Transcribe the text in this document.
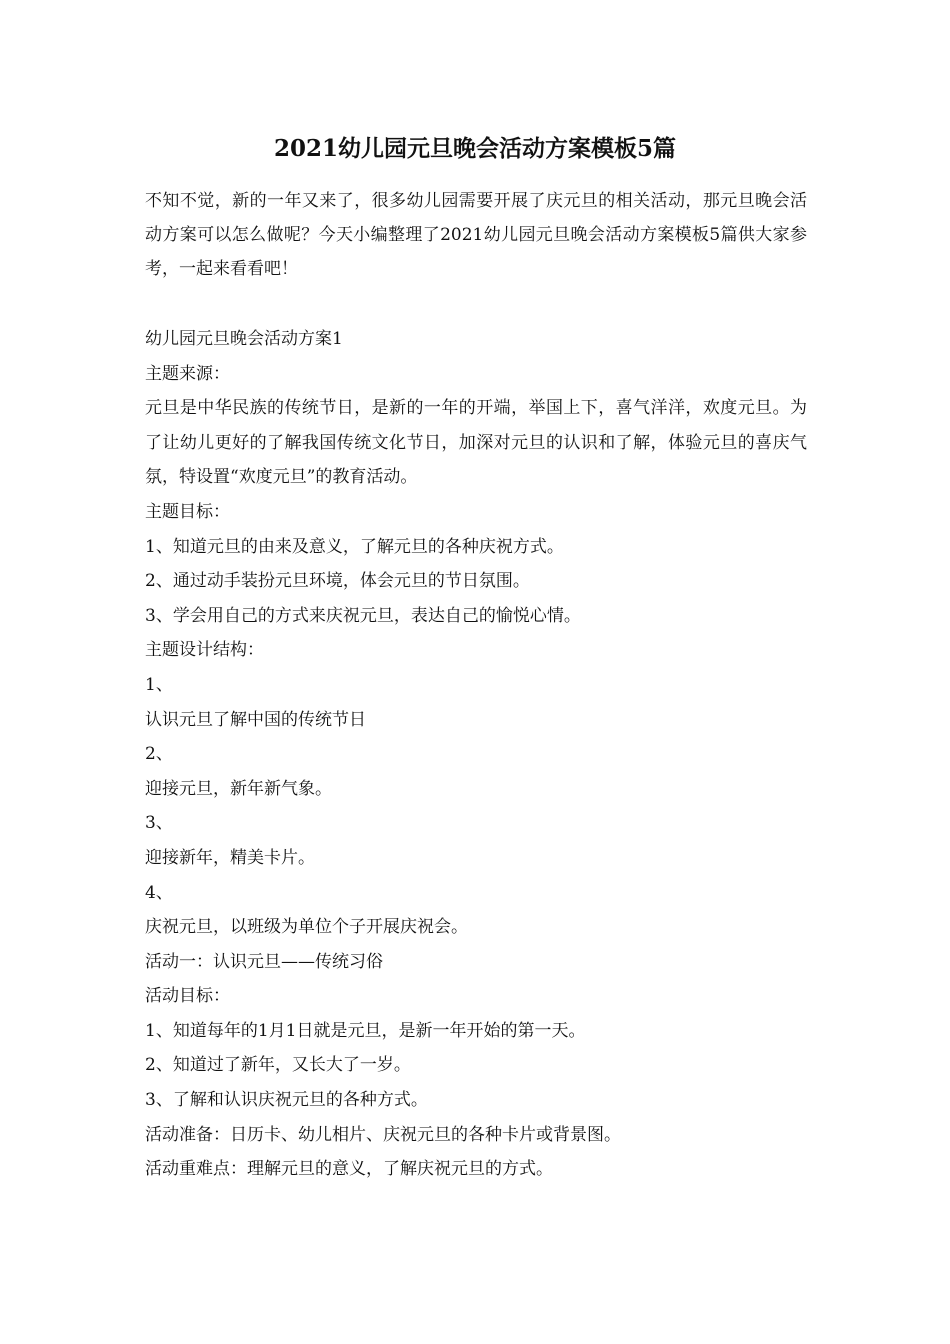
2021幼儿园元旦晚会活动方案模板5篇

不知不觉，新的一年又来了，很多幼儿园需要开展了庆元旦的相关活动，那元旦晚会活动方案可以怎么做呢？今天小编整理了2021幼儿园元旦晚会活动方案模板5篇供大家参考，一起来看看吧！

幼儿园元旦晚会活动方案1

主题来源：

元旦是中华民族的传统节日，是新的一年的开端，举国上下，喜气洋洋，欢度元旦。为了让幼儿更好的了解我国传统文化节日，加深对元旦的认识和了解，体验元旦的喜庆气氛，特设置“欢度元旦”的教育活动。

主题目标：

1、知道元旦的由来及意义，了解元旦的各种庆祝方式。

2、通过动手装扮元旦环境，体会元旦的节日氛围。

3、学会用自己的方式来庆祝元旦，表达自己的愉悦心情。

主题设计结构：

1、

认识元旦了解中国的传统节日

2、

迎接元旦，新年新气象。

3、

迎接新年，精美卡片。

4、

庆祝元旦，以班级为单位个子开展庆祝会。

活动一：认识元旦——传统习俗

活动目标：

1、知道每年的1月1日就是元旦，是新一年开始的第一天。

2、知道过了新年，又长大了一岁。

3、了解和认识庆祝元旦的各种方式。

活动准备：日历卡、幼儿相片、庆祝元旦的各种卡片或背景图。

活动重难点：理解元旦的意义，了解庆祝元旦的方式。
